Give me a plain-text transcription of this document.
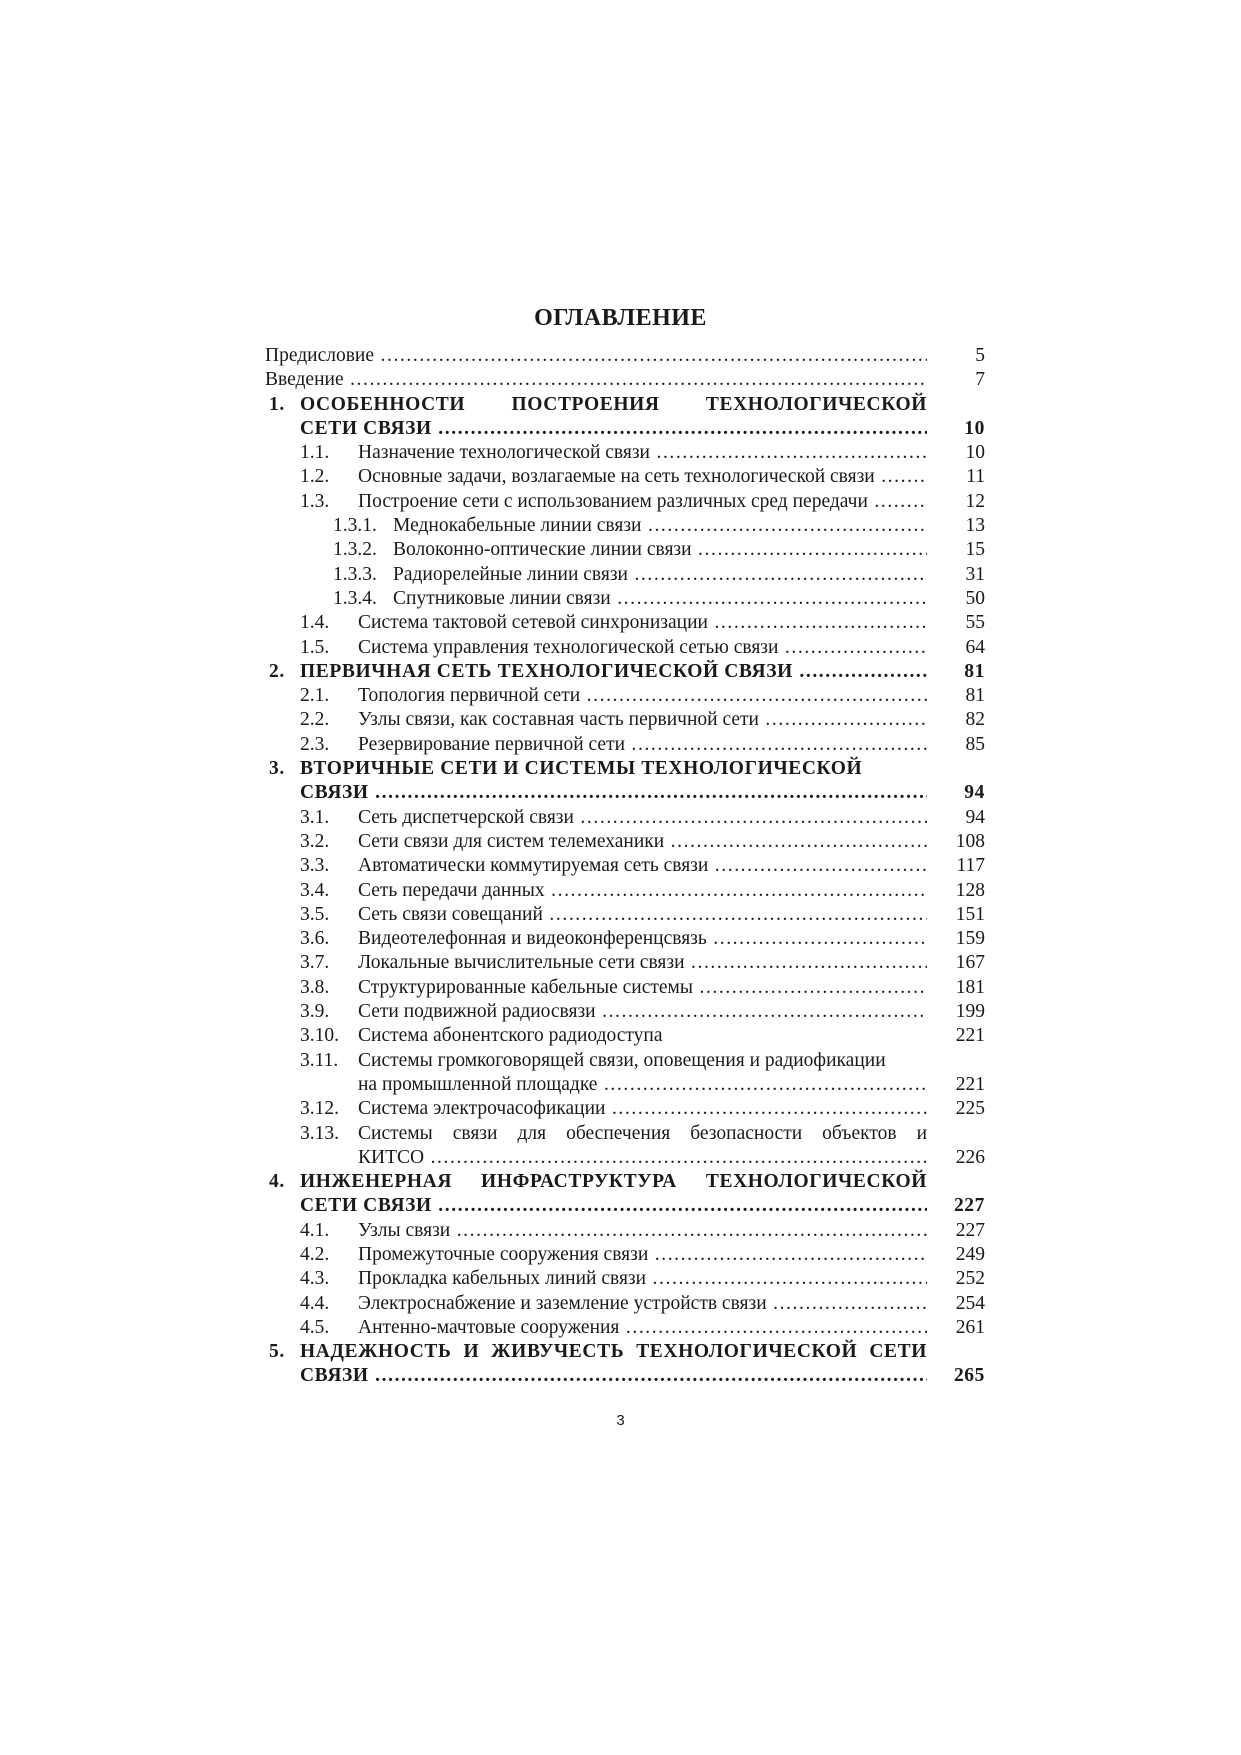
ОГЛАВЛЕНИЕ
Предисловие .....	5
Введение .....	7
1. ОСОБЕННОСТИ ПОСТРОЕНИЯ ТЕХНОЛОГИЧЕСКОЙ
СЕТИ СВЯЗИ .....	10
1.1. Назначение технологической связи .....	10
1.2. Основные задачи, возлагаемые на сеть технологической связи .....	11
1.3. Построение сети с использованием различных сред передачи .....	12
1.3.1. Меднокабельные линии связи .....	13
1.3.2. Волоконно-оптические линии связи .....	15
1.3.3. Радиорелейные линии связи .....	31
1.3.4. Спутниковые линии связи .....	50
1.4. Система тактовой сетевой синхронизации .....	55
1.5. Система управления технологической сетью связи .....	64
2. ПЕРВИЧНАЯ СЕТЬ ТЕХНОЛОГИЧЕСКОЙ СВЯЗИ .....	81
2.1. Топология первичной сети .....	81
2.2. Узлы связи, как составная часть первичной сети .....	82
2.3. Резервирование первичной сети .....	85
3. ВТОРИЧНЫЕ СЕТИ И СИСТЕМЫ ТЕХНОЛОГИЧЕСКОЙ
СВЯЗИ .....	94
3.1. Сеть диспетчерской связи .....	94
3.2. Сети связи для систем телемеханики .....	108
3.3. Автоматически коммутируемая сеть связи .....	117
3.4. Сеть передачи данных .....	128
3.5. Сеть связи совещаний .....	151
3.6. Видеотелефонная и видеоконференцсвязь .....	159
3.7. Локальные вычислительные сети связи .....	167
3.8. Структурированные кабельные системы .....	181
3.9. Сети подвижной радиосвязи .....	199
3.10. Система абонентского радиодоступа	221
3.11. Системы громкоговорящей связи, оповещения и радиофикации
на промышленной площадке .....	221
3.12. Система электрочасофикации .....	225
3.13. Системы связи для обеспечения безопасности объектов и
КИТСО .....	226
4. ИНЖЕНЕРНАЯ ИНФРАСТРУКТУРА ТЕХНОЛОГИЧЕСКОЙ
СЕТИ СВЯЗИ .....	227
4.1. Узлы связи .....	227
4.2. Промежуточные сооружения связи .....	249
4.3. Прокладка кабельных линий связи .....	252
4.4. Электроснабжение и заземление устройств связи .....	254
4.5. Антенно-мачтовые сооружения .....	261
5. НАДЕЖНОСТЬ И ЖИВУЧЕСТЬ ТЕХНОЛОГИЧЕСКОЙ СЕТИ
СВЯЗИ .....	265
3
